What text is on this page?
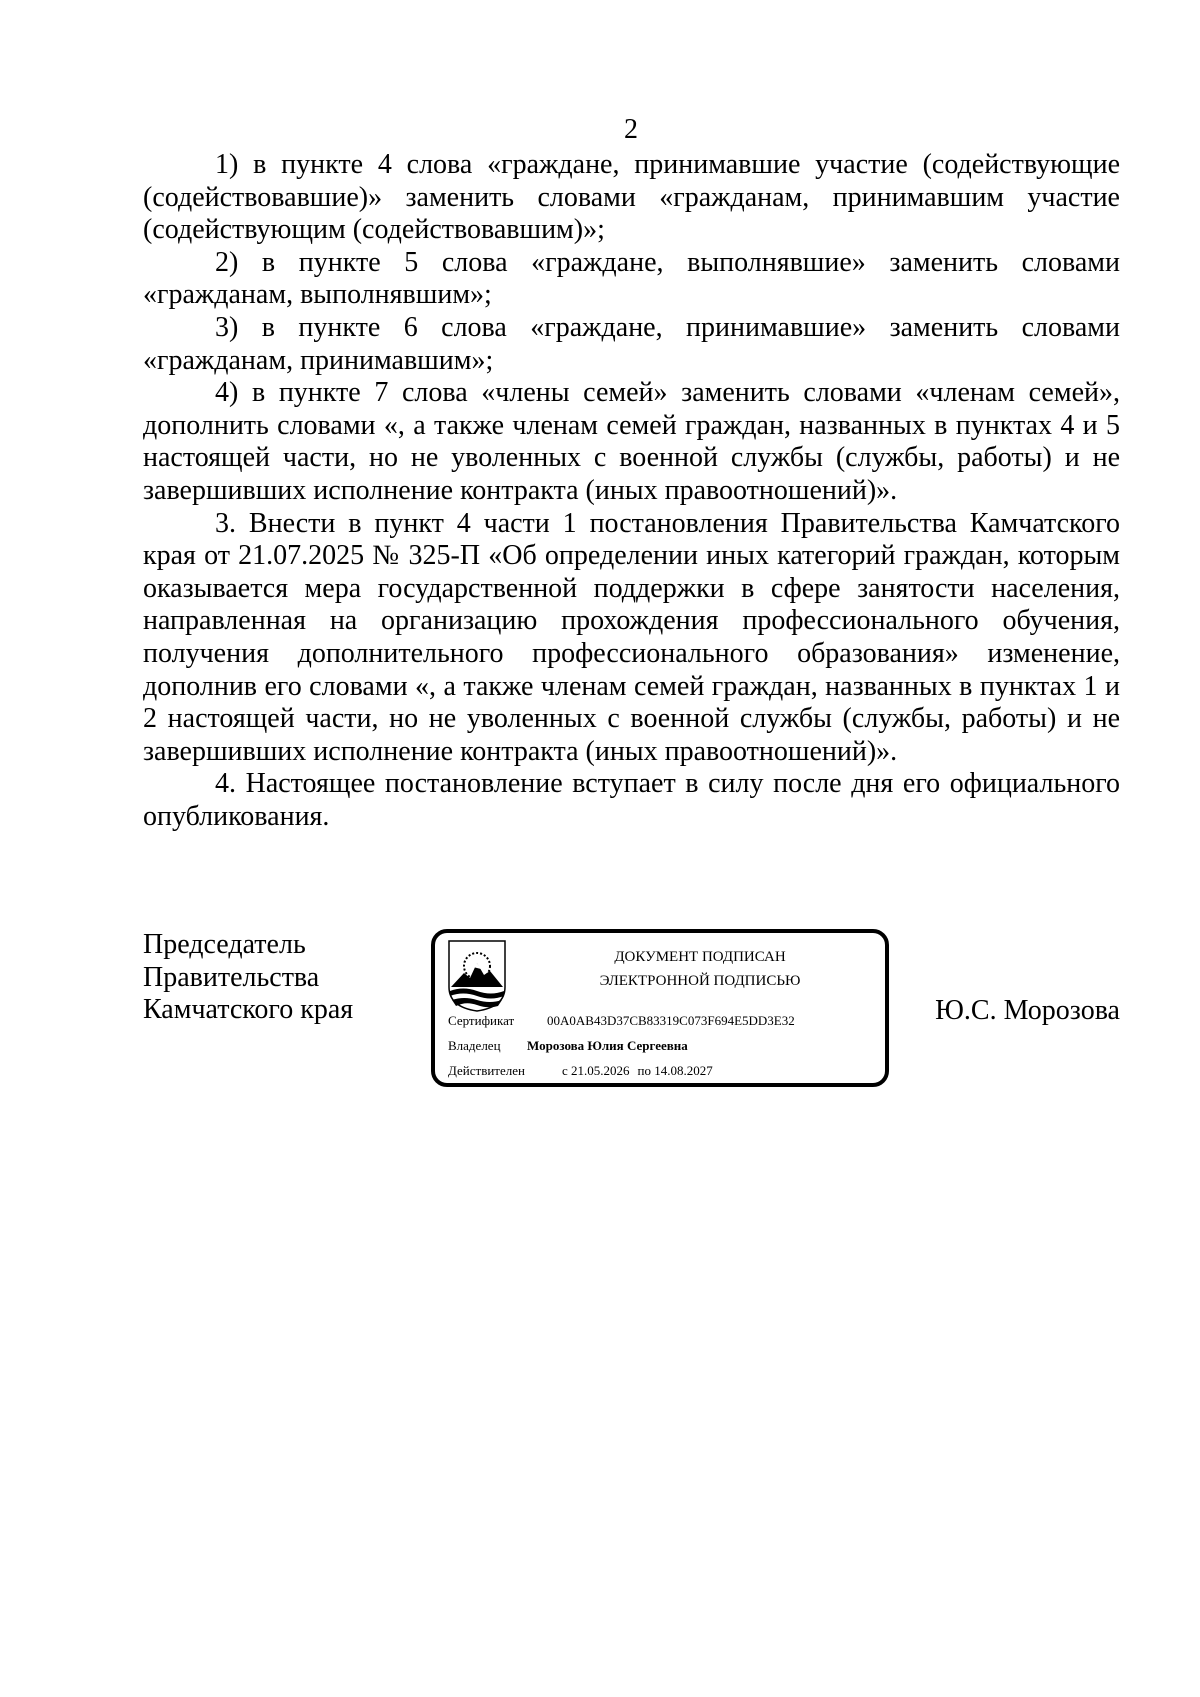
2

1) в пункте 4 слова «граждане, принимавшие участие (содействующие (содействовавшие)» заменить словами «гражданам, принимавшим участие (содействующим (содействовавшим)»;

2) в пункте 5 слова «граждане, выполнявшие» заменить словами «гражданам, выполнявшим»;

3) в пункте 6 слова «граждане, принимавшие» заменить словами «гражданам, принимавшим»;

4) в пункте 7 слова «члены семей» заменить словами «членам семей», дополнить словами «, а также членам семей граждан, названных в пунктах 4 и 5 настоящей части, но не уволенных с военной службы (службы, работы) и не завершивших исполнение контракта (иных правоотношений)».

3. Внести в пункт 4 части 1 постановления Правительства Камчатского края от 21.07.2025 № 325-П «Об определении иных категорий граждан, которым оказывается мера государственной поддержки в сфере занятости населения, направленная на организацию прохождения профессионального обучения, получения дополнительного профессионального образования» изменение, дополнив его словами «, а также членам семей граждан, названных в пунктах 1 и 2 настоящей части, но не уволенных с военной службы (службы, работы) и не завершивших исполнение контракта (иных правоотношений)».

4. Настоящее постановление вступает в силу после дня его официального опубликования.

Председатель
Правительства
Камчатского края
ДОКУМЕНТ ПОДПИСАН
ЭЛЕКТРОННОЙ ПОДПИСЬЮ
Сертификат	00A0AB43D37CB83319C073F694E5DD3E32
Владелец Морозова Юлия Сергеевна
Действителен	с 21.05.2026 по 14.08.2027
Ю.С. Морозова
